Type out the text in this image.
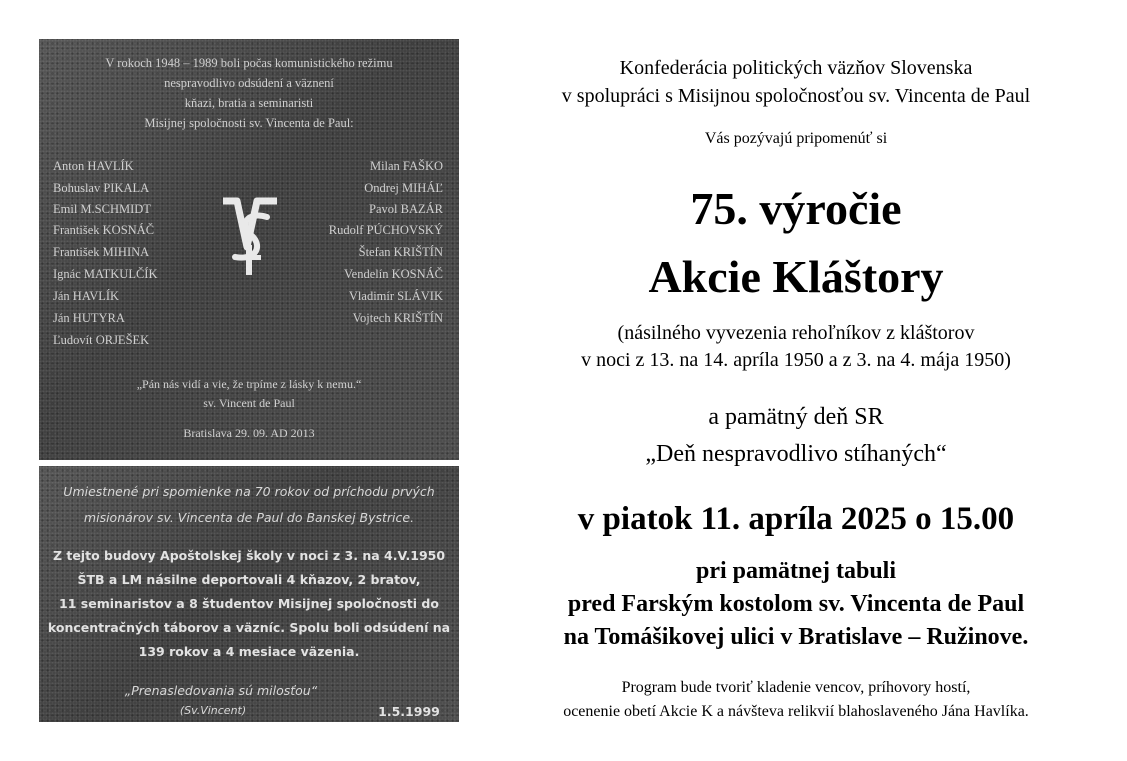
V rokoch 1948 – 1989 boli počas komunistického režimu
nespravodlivo odsúdení a väznení
kňazi, bratia a seminaristi
Misijnej spoločnosti sv. Vincenta de Paul:
Anton HAVLÍK
Bohuslav PIKALA
Emil M.SCHMIDT
František KOSNÁČ
František MIHINA
Ignác MATKULČÍK
Ján HAVLÍK
Ján HUTYRA
Ľudovít ORJEŠEK
Milan FAŠKO
Ondrej MIHÁĽ
Pavol BAZÁR
Rudolf PÚCHOVSKÝ
Štefan KRIŠTÍN
Vendelín KOSNÁČ
Vladimír SLÁVIK
Vojtech KRIŠTÍN
„Pán nás vidí a vie, že trpíme z lásky k nemu.“
sv. Vincent de Paul
Bratislava 29. 09. AD 2013
Umiestnené pri spomienke na 70 rokov od príchodu prvých
misionárov sv. Vincenta de Paul do Banskej Bystrice.
Z tejto budovy Apoštolskej školy v noci z 3. na 4.V.1950
ŠTB a LM násilne deportovali 4 kňazov, 2 bratov,
11 seminaristov a 8 študentov Misijnej spoločnosti do
koncentračných táborov a väzníc. Spolu boli odsúdení na
139 rokov a 4 mesiace väzenia.
„Prenasledovania sú milosťou“
(Sv.Vincent)	1.5.1999
Konfederácia politických väzňov Slovenska
v spolupráci s Misijnou spoločnosťou sv. Vincenta de Paul
Vás pozývajú pripomenúť si
75. výročie
Akcie Kláštory
(násilného vyvezenia rehoľníkov z kláštorov
v noci z 13. na 14. apríla 1950 a z 3. na 4. mája 1950)
a pamätný deň SR
„Deň nespravodlivo stíhaných“
v piatok 11. apríla 2025 o 15.00
pri pamätnej tabuli
pred Farským kostolom sv. Vincenta de Paul
na Tomášikovej ulici v Bratislave – Ružinove.
Program bude tvoriť kladenie vencov, príhovory hostí,
ocenenie obetí Akcie K a návšteva relikvií blahoslaveného Jána Havlíka.
